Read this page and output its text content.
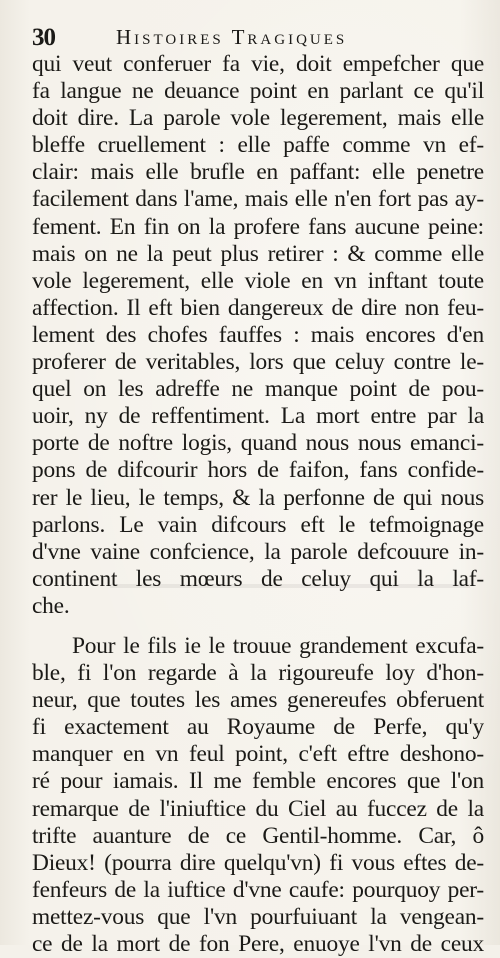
30	Histoires Tragiques
qui veut conferuer fa vie, doit empefcher que
fa langue ne deuance point en parlant ce qu'il
doit dire. La parole vole legerement, mais elle
bleffe cruellement : elle paffe comme vn ef-
clair: mais elle brufle en paffant: elle penetre
facilement dans l'ame, mais elle n'en fort pas ay-
fement. En fin on la profere fans aucune peine:
mais on ne la peut plus retirer : & comme elle
vole legerement, elle viole en vn inftant toute
affection. Il eft bien dangereux de dire non feu-
lement des chofes fauffes : mais encores d'en
proferer de veritables, lors que celuy contre le-
quel on les adreffe ne manque point de pou-
uoir, ny de reffentiment. La mort entre par la
porte de noftre logis, quand nous nous emanci-
pons de difcourir hors de faifon, fans confide-
rer le lieu, le temps, & la perfonne de qui nous
parlons. Le vain difcours eft le tefmoignage
d'vne vaine confcience, la parole defcouure in-
continent les mœurs de celuy qui la laf-
che.
Pour le fils ie le trouue grandement excufa-
ble, fi l'on regarde à la rigoureufe loy d'hon-
neur, que toutes les ames genereufes obferuent
fi exactement au Royaume de Perfe, qu'y
manquer en vn feul point, c'eft eftre deshono-
ré pour iamais. Il me femble encores que l'on
remarque de l'iniuftice du Ciel au fuccez de la
trifte auanture de ce Gentil-homme. Car, ô
Dieux! (pourra dire quelqu'vn) fi vous eftes de-
fenfeurs de la iuftice d'vne caufe: pourquoy per-
mettez-vous que l'vn pourfuiuant la vengean-
ce de la mort de fon Pere, enuoye l'vn de ceux
